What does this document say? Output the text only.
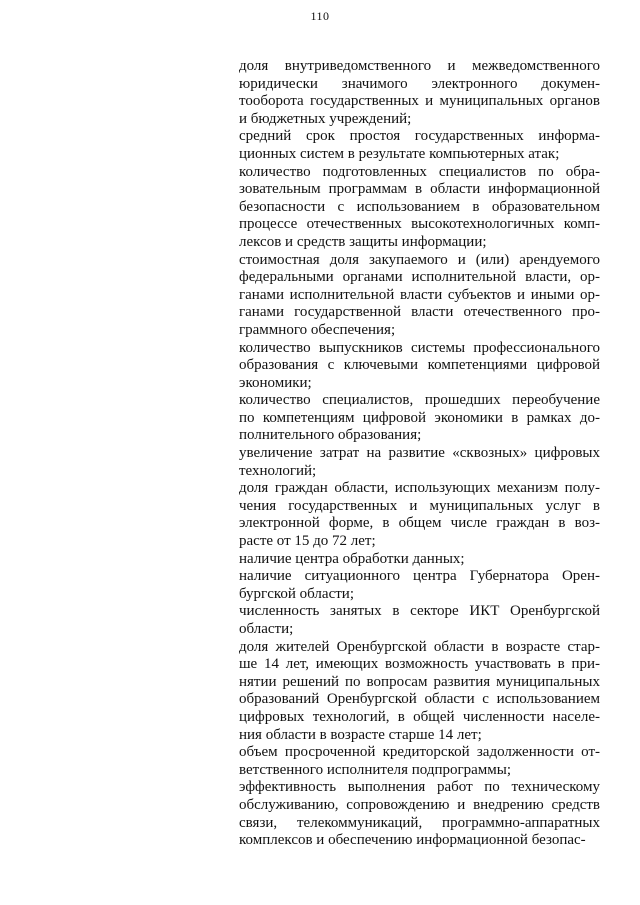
110

доля внутриведомственного и межведомственного
юридически значимого электронного докумен-
тооборота государственных и муниципальных органов
и бюджетных учреждений;

средний срок простоя государственных информа-
ционных систем в результате компьютерных атак;

количество подготовленных специалистов по обра-
зовательным программам в области информационной
безопасности с использованием в образовательном
процессе отечественных высокотехнологичных комп-
лексов и средств защиты информации;

стоимостная доля закупаемого и (или) арендуемого
федеральными органами исполнительной власти, ор-
ганами исполнительной власти субъектов и иными ор-
ганами государственной власти отечественного про-
граммного обеспечения;

количество выпускников системы профессионального
образования с ключевыми компетенциями цифровой
экономики;

количество специалистов, прошедших переобучение
по компетенциям цифровой экономики в рамках до-
полнительного образования;

увеличение затрат на развитие «сквозных» цифровых
технологий;

доля граждан области, использующих механизм полу-
чения государственных и муниципальных услуг в
электронной форме, в общем числе граждан в воз-
расте от 15 до 72 лет;

наличие центра обработки данных;

наличие ситуационного центра Губернатора Орен-
бургской области;

численность занятых в секторе ИКТ Оренбургской
области;

доля жителей Оренбургской области в возрасте стар-
ше 14 лет, имеющих возможность участвовать в при-
нятии решений по вопросам развития муниципальных
образований Оренбургской области с использованием
цифровых технологий, в общей численности населе-
ния области в возрасте старше 14 лет;

объем просроченной кредиторской задолженности от-
ветственного исполнителя подпрограммы;

эффективность выполнения работ по техническому
обслуживанию, сопровождению и внедрению средств
связи, телекоммуникаций, программно-аппаратных
комплексов и обеспечению информационной безопас-
